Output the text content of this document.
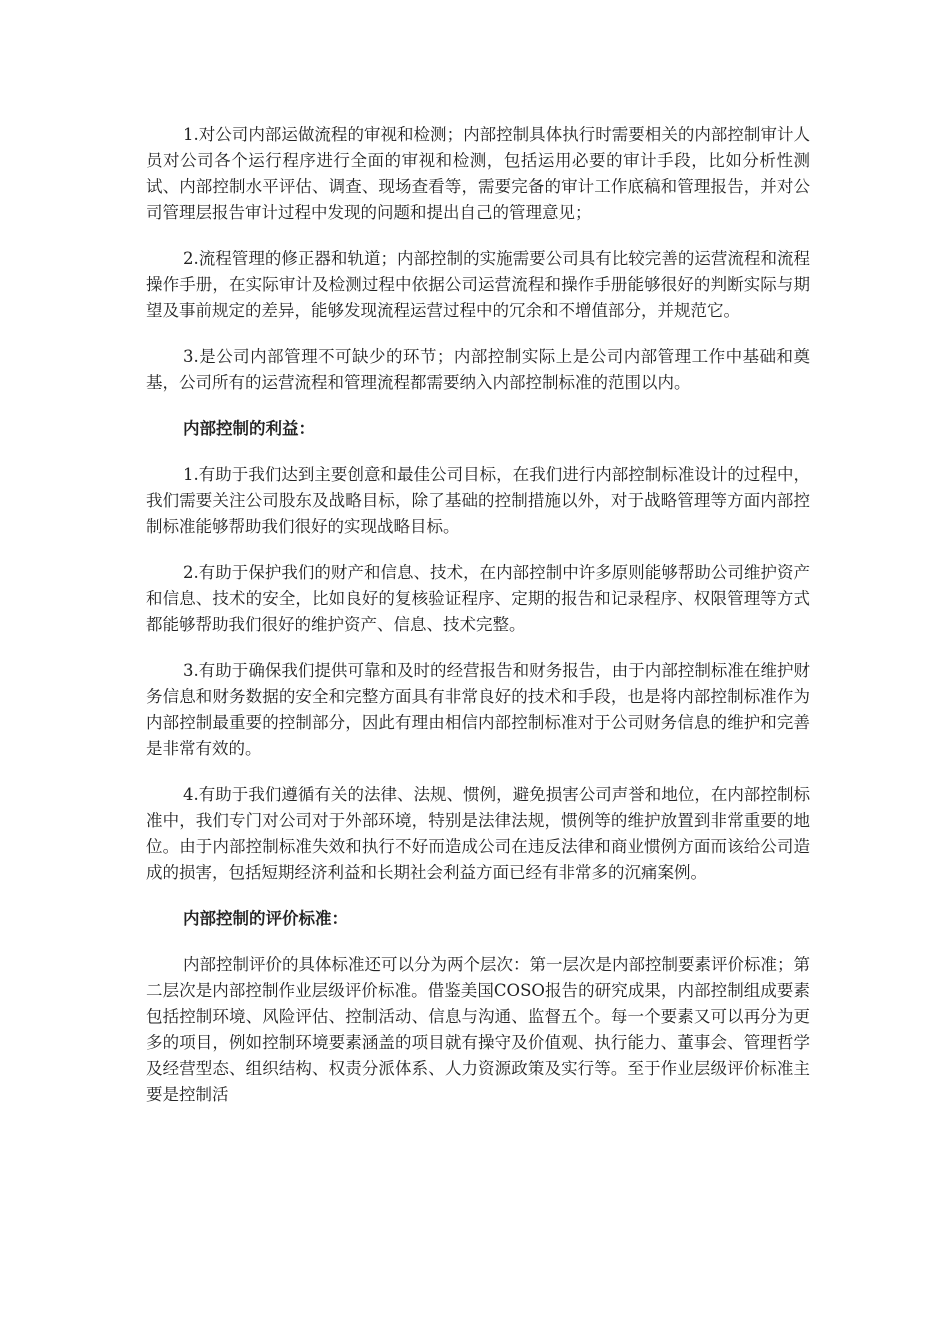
1.对公司内部运做流程的审视和检测；内部控制具体执行时需要相关的内部控制审计人员对公司各个运行程序进行全面的审视和检测，包括运用必要的审计手段，比如分析性测试、内部控制水平评估、调查、现场查看等，需要完备的审计工作底稿和管理报告，并对公司管理层报告审计过程中发现的问题和提出自己的管理意见；

2.流程管理的修正器和轨道；内部控制的实施需要公司具有比较完善的运营流程和流程操作手册，在实际审计及检测过程中依据公司运营流程和操作手册能够很好的判断实际与期望及事前规定的差异，能够发现流程运营过程中的冗余和不增值部分，并规范它。

3.是公司内部管理不可缺少的环节；内部控制实际上是公司内部管理工作中基础和奠基，公司所有的运营流程和管理流程都需要纳入内部控制标准的范围以内。

内部控制的利益：

1.有助于我们达到主要创意和最佳公司目标，在我们进行内部控制标准设计的过程中，我们需要关注公司股东及战略目标，除了基础的控制措施以外，对于战略管理等方面内部控制标准能够帮助我们很好的实现战略目标。

2.有助于保护我们的财产和信息、技术，在内部控制中许多原则能够帮助公司维护资产和信息、技术的安全，比如良好的复核验证程序、定期的报告和记录程序、权限管理等方式都能够帮助我们很好的维护资产、信息、技术完整。

3.有助于确保我们提供可靠和及时的经营报告和财务报告，由于内部控制标准在维护财务信息和财务数据的安全和完整方面具有非常良好的技术和手段，也是将内部控制标准作为内部控制最重要的控制部分，因此有理由相信内部控制标准对于公司财务信息的维护和完善是非常有效的。

4.有助于我们遵循有关的法律、法规、惯例，避免损害公司声誉和地位，在内部控制标准中，我们专门对公司对于外部环境，特别是法律法规，惯例等的维护放置到非常重要的地位。由于内部控制标准失效和执行不好而造成公司在违反法律和商业惯例方面而该给公司造成的损害，包括短期经济利益和长期社会利益方面已经有非常多的沉痛案例。

内部控制的评价标准：

内部控制评价的具体标准还可以分为两个层次：第一层次是内部控制要素评价标准；第二层次是内部控制作业层级评价标准。借鉴美国COSO报告的研究成果，内部控制组成要素包括控制环境、风险评估、控制活动、信息与沟通、监督五个。每一个要素又可以再分为更多的项目，例如控制环境要素涵盖的项目就有操守及价值观、执行能力、董事会、管理哲学及经营型态、组织结构、权责分派体系、人力资源政策及实行等。至于作业层级评价标准主要是控制活
